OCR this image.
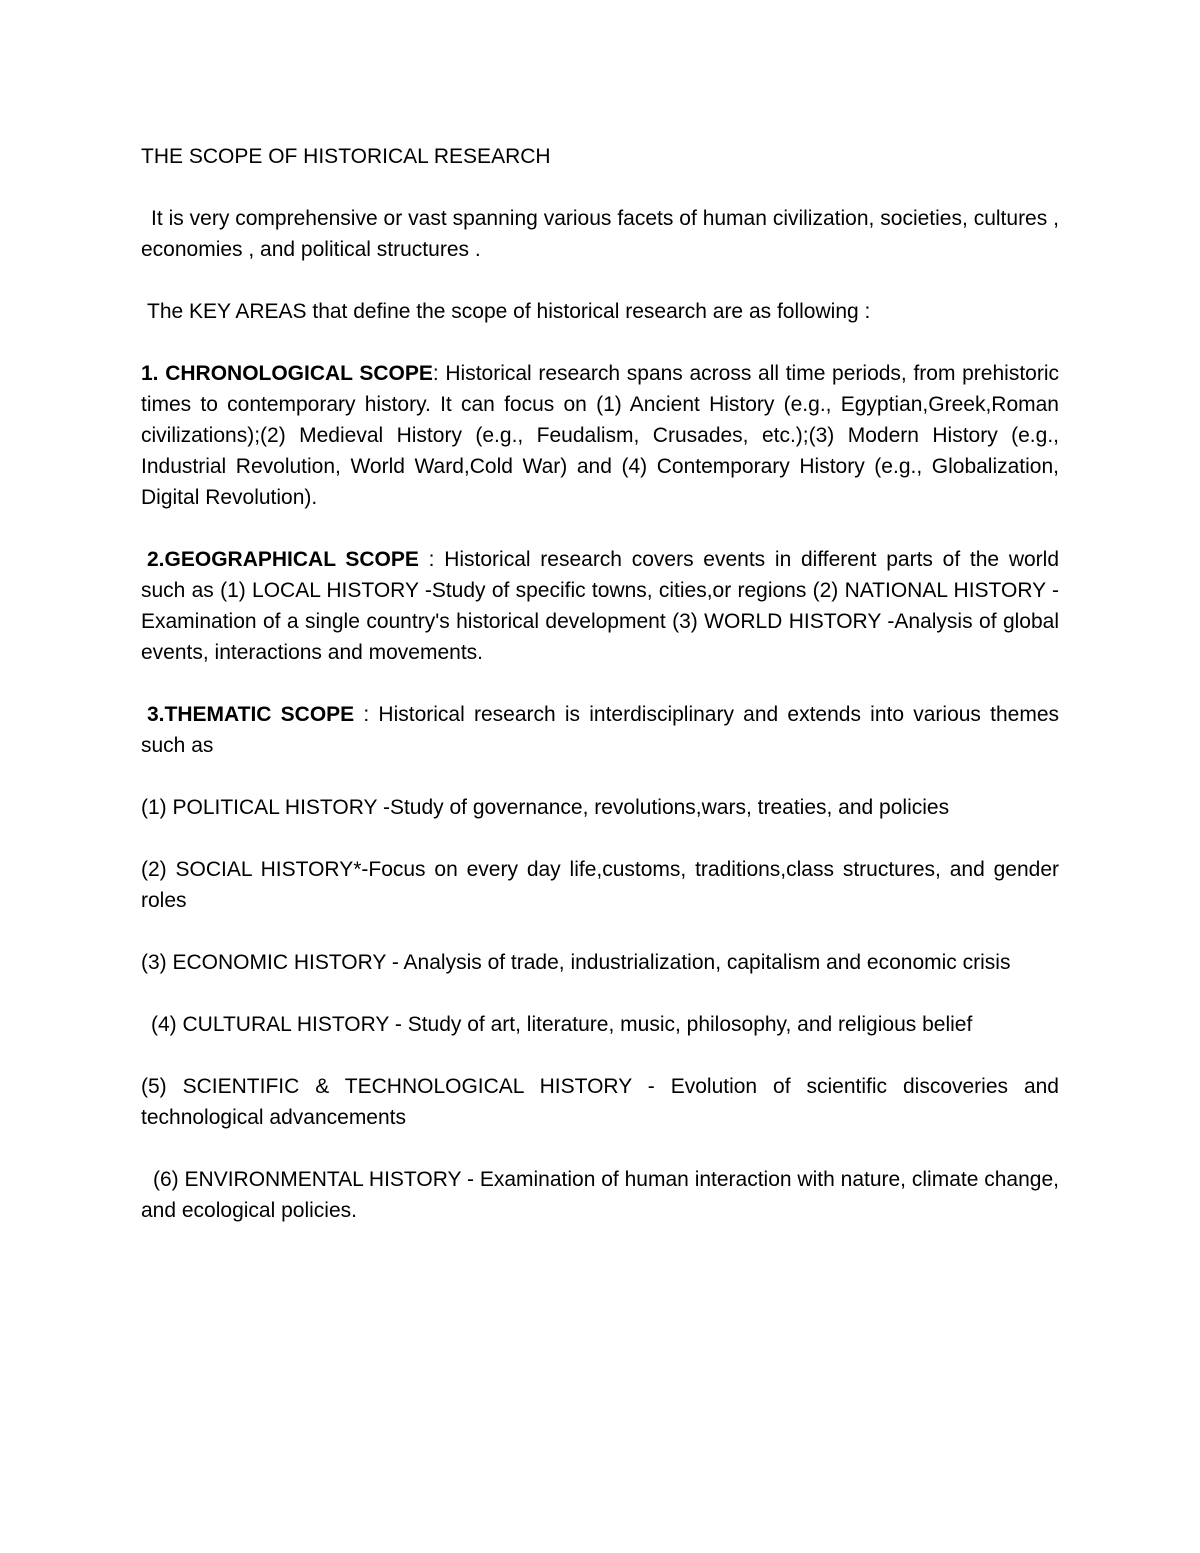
THE SCOPE OF HISTORICAL RESEARCH

It is very comprehensive or vast spanning various facets of human civilization, societies, cultures , economies , and political structures .

The KEY AREAS that define the scope of historical research are as following :

1. CHRONOLOGICAL SCOPE: Historical research spans across all time periods, from prehistoric times to contemporary history. It can focus on (1) Ancient History (e.g., Egyptian,Greek,Roman civilizations);(2) Medieval History (e.g., Feudalism, Crusades, etc.);(3) Modern History (e.g., Industrial Revolution, World Ward,Cold War) and (4) Contemporary History (e.g., Globalization, Digital Revolution).

2.GEOGRAPHICAL SCOPE : Historical research covers events in different parts of the world such as (1) LOCAL HISTORY -Study of specific towns, cities,or regions (2) NATIONAL HISTORY - Examination of a single country's historical development (3) WORLD HISTORY -Analysis of global events, interactions and movements.

3.THEMATIC SCOPE : Historical research is interdisciplinary and extends into various themes such as

(1) POLITICAL HISTORY -Study of governance, revolutions,wars, treaties, and policies

(2) SOCIAL HISTORY*-Focus on every day life,customs, traditions,class structures, and gender roles

(3) ECONOMIC HISTORY - Analysis of trade, industrialization, capitalism and economic crisis

(4) CULTURAL HISTORY - Study of art, literature, music, philosophy, and religious belief

(5) SCIENTIFIC & TECHNOLOGICAL HISTORY - Evolution of scientific discoveries and technological advancements

(6) ENVIRONMENTAL HISTORY - Examination of human interaction with nature, climate change, and ecological policies.
